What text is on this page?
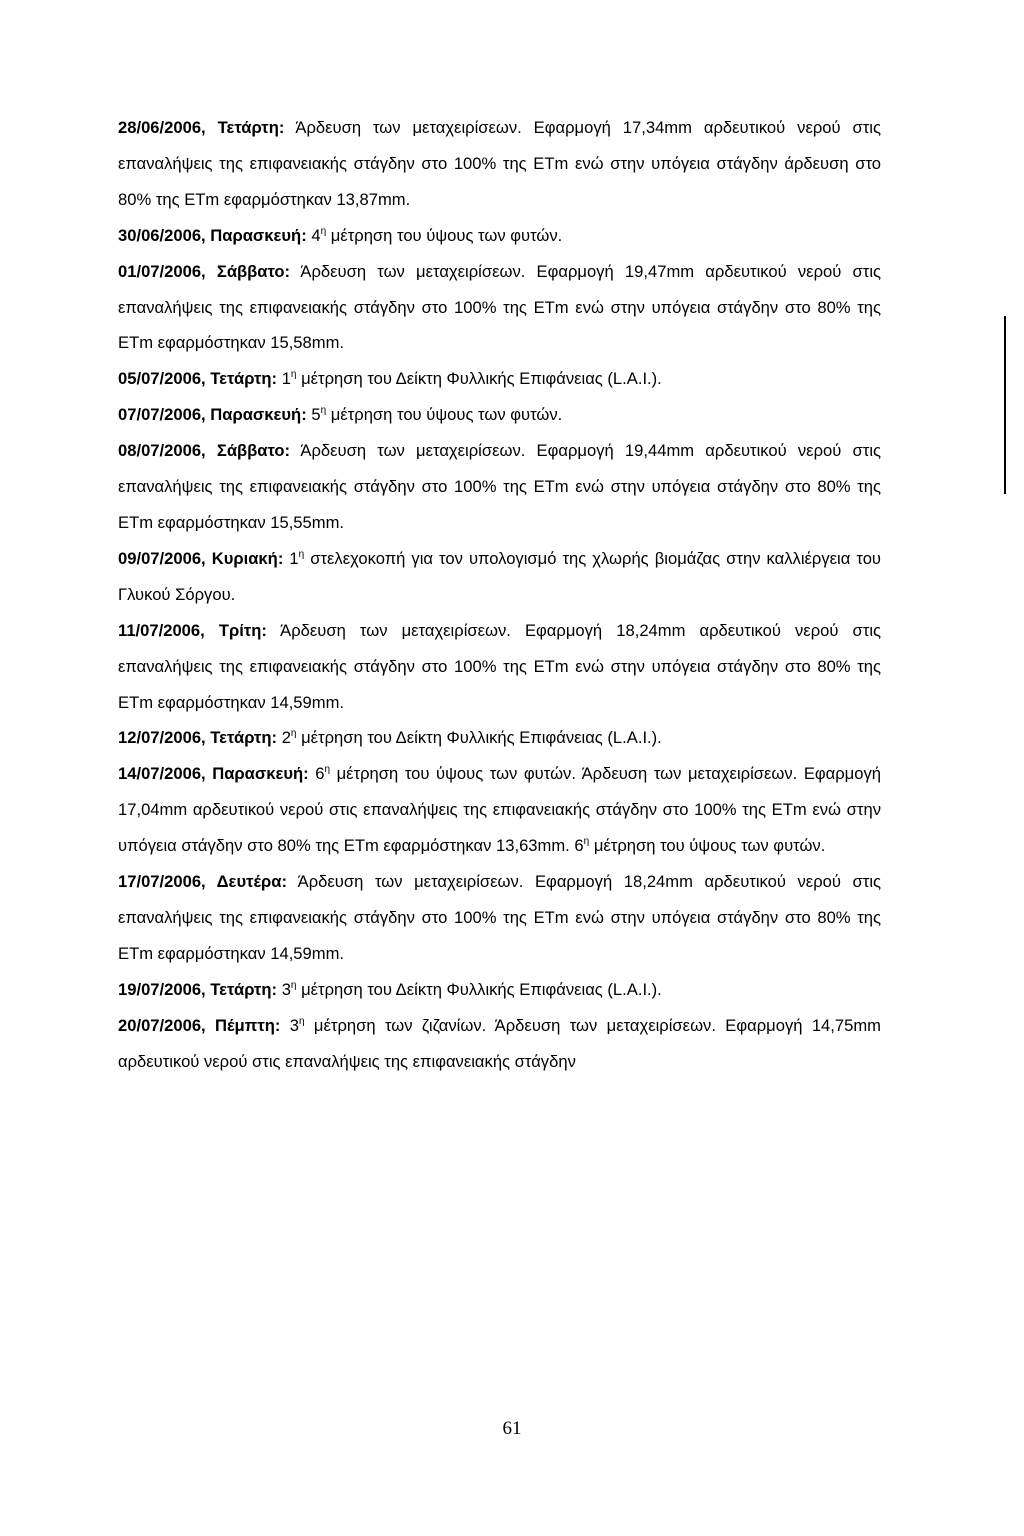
28/06/2006, Τετάρτη: Άρδευση των μεταχειρίσεων. Εφαρμογή 17,34mm αρδευτικού νερού στις επαναλήψεις της επιφανειακής στάγδην στο 100% της ETm ενώ στην υπόγεια στάγδην άρδευση στο 80% της ETm εφαρμόστηκαν 13,87mm.

30/06/2006, Παρασκευή: $4^\eta$ μέτρηση του ύψους των φυτών.

01/07/2006, Σάββατο: Άρδευση των μεταχειρίσεων. Εφαρμογή 19,47mm αρδευτικού νερού στις επαναλήψεις της επιφανειακής στάγδην στο 100% της ETm ενώ στην υπόγεια στάγδην στο 80% της ETm εφαρμόστηκαν 15,58mm.

05/07/2006, Τετάρτη: $1^\eta$ μέτρηση του Δείκτη Φυλλικής Επιφάνειας (L.A.I.).

07/07/2006, Παρασκευή: $5^\eta$ μέτρηση του ύψους των φυτών.

08/07/2006, Σάββατο: Άρδευση των μεταχειρίσεων. Εφαρμογή 19,44mm αρδευτικού νερού στις επαναλήψεις της επιφανειακής στάγδην στο 100% της ETm ενώ στην υπόγεια στάγδην στο 80% της ETm εφαρμόστηκαν 15,55mm.

09/07/2006, Κυριακή: $1^\eta$ στελεχοκοπή για τον υπολογισμό της χλωρής βιομάζας στην καλλιέργεια του Γλυκού Σόργου.

11/07/2006, Τρίτη: Άρδευση των μεταχειρίσεων. Εφαρμογή 18,24mm αρδευτικού νερού στις επαναλήψεις της επιφανειακής στάγδην στο 100% της ETm ενώ στην υπόγεια στάγδην στο 80% της ETm εφαρμόστηκαν 14,59mm.

12/07/2006, Τετάρτη: $2^\eta$ μέτρηση του Δείκτη Φυλλικής Επιφάνειας (L.A.I.).

14/07/2006, Παρασκευή: $6^\eta$ μέτρηση του ύψους των φυτών. Άρδευση των μεταχειρίσεων. Εφαρμογή 17,04mm αρδευτικού νερού στις επαναλήψεις της επιφανειακής στάγδην στο 100% της ETm ενώ στην υπόγεια στάγδην στο 80% της ETm εφαρμόστηκαν 13,63mm. $6^\eta$ μέτρηση του ύψους των φυτών.

17/07/2006, Δευτέρα: Άρδευση των μεταχειρίσεων. Εφαρμογή 18,24mm αρδευτικού νερού στις επαναλήψεις της επιφανειακής στάγδην στο 100% της ETm ενώ στην υπόγεια στάγδην στο 80% της ETm εφαρμόστηκαν 14,59mm.

19/07/2006, Τετάρτη: $3^\eta$ μέτρηση του Δείκτη Φυλλικής Επιφάνειας (L.A.I.).

20/07/2006, Πέμπτη: $3^\eta$ μέτρηση των ζιζανίων. Άρδευση των μεταχειρίσεων. Εφαρμογή 14,75mm αρδευτικού νερού στις επαναλήψεις της επιφανειακής στάγδην

61
